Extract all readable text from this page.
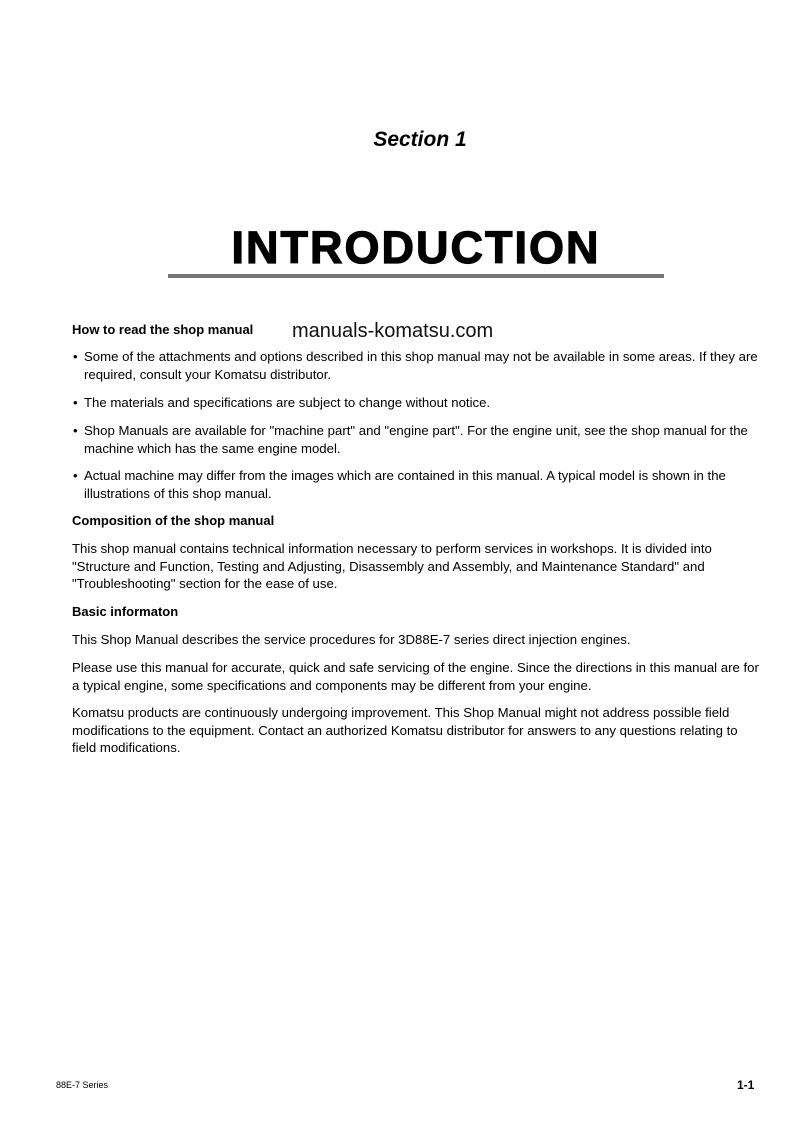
Section 1
INTRODUCTION
How to read the shop manual manuals-komatsu.com
• Some of the attachments and options described in this shop manual may not be available in some areas. If they are required, consult your Komatsu distributor.
• The materials and specifications are subject to change without notice.
• Shop Manuals are available for "machine part" and "engine part". For the engine unit, see the shop manual for the machine which has the same engine model.
• Actual machine may differ from the images which are contained in this manual. A typical model is shown in the illustrations of this shop manual.
Composition of the shop manual
This shop manual contains technical information necessary to perform services in workshops. It is divided into "Structure and Function, Testing and Adjusting, Disassembly and Assembly, and Maintenance Standard" and "Troubleshooting" section for the ease of use.
Basic informaton
This Shop Manual describes the service procedures for 3D88E-7 series direct injection engines.
Please use this manual for accurate, quick and safe servicing of the engine. Since the directions in this manual are for a typical engine, some specifications and components may be different from your engine.
Komatsu products are continuously undergoing improvement. This Shop Manual might not address possible field modifications to the equipment. Contact an authorized Komatsu distributor for answers to any questions relating to field modifications.
88E-7 Series	1-1
